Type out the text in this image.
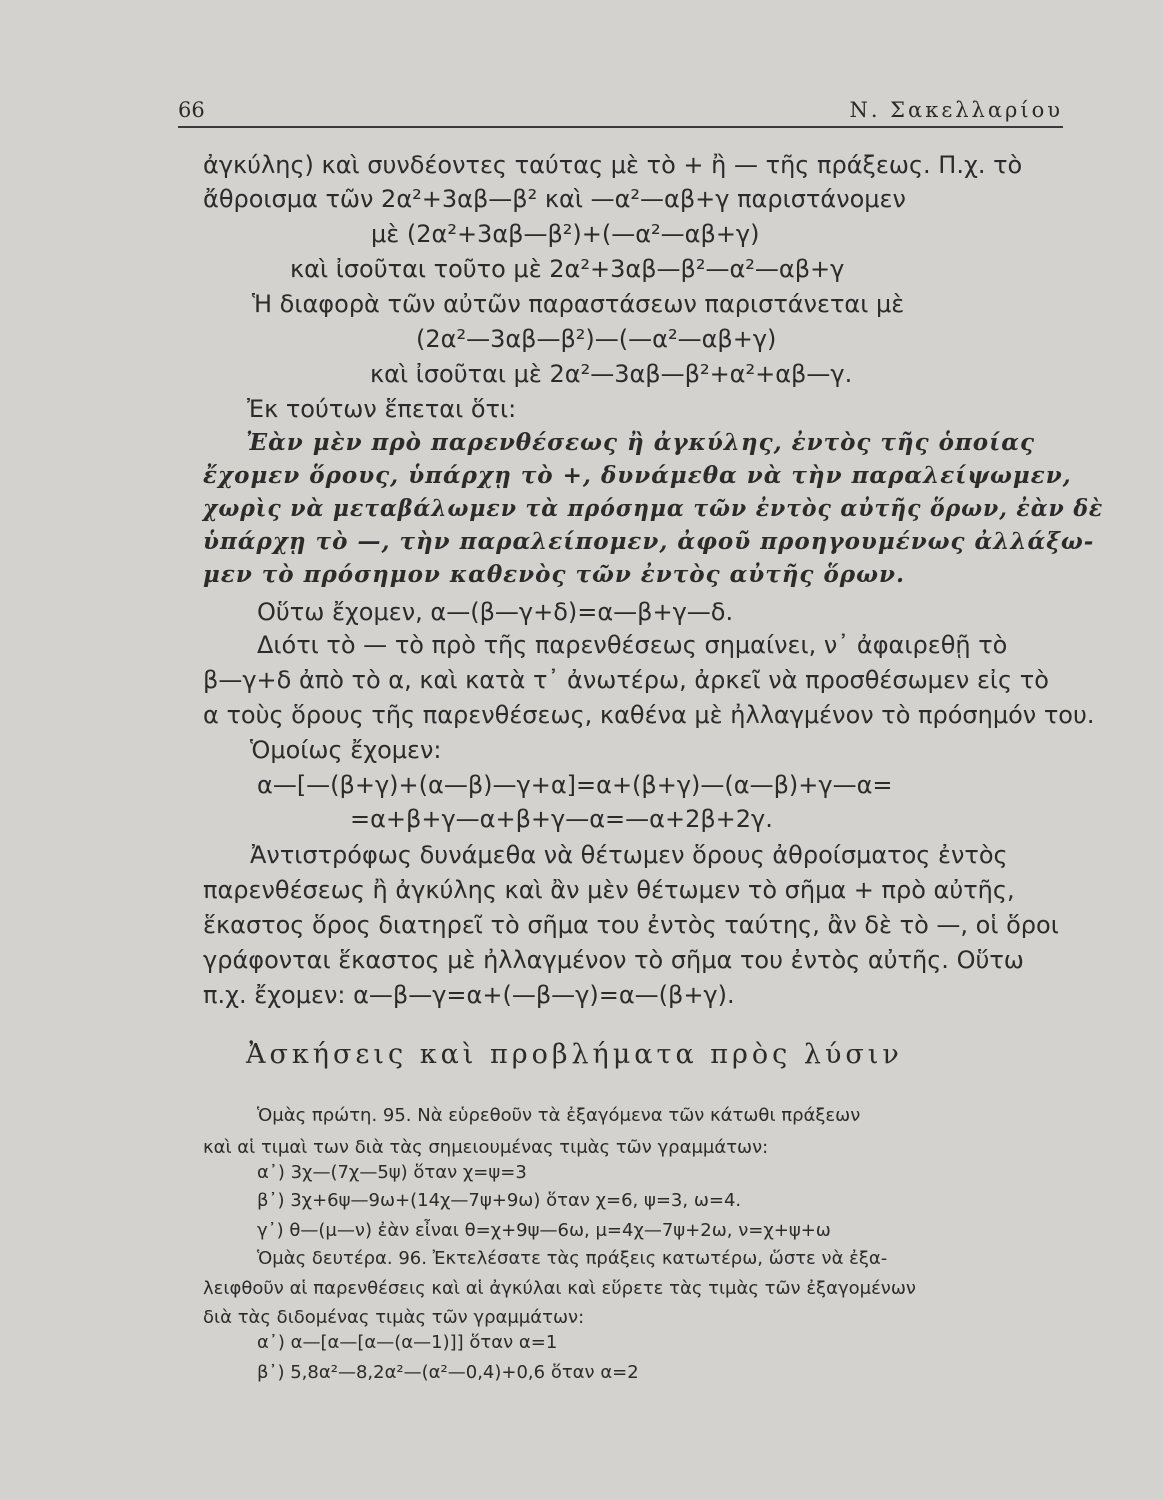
66	Ν. Σακελλαρίου
ἀγκύλης) καὶ συνδέοντες ταύτας μὲ τὸ + ἢ — τῆς πράξεως. Π.χ. τὸ
ἄθροισμα τῶν 2α²+3αβ—β² καὶ —α²—αβ+γ παριστάνομεν
μὲ (2α²+3αβ—β²)+(—α²—αβ+γ)
καὶ ἰσοῦται τοῦτο μὲ 2α²+3αβ—β²—α²—αβ+γ
Ἡ διαφορὰ τῶν αὐτῶν παραστάσεων παριστάνεται μὲ
(2α²—3αβ—β²)—(—α²—αβ+γ)
καὶ ἰσοῦται μὲ 2α²—3αβ—β²+α²+αβ—γ.
Ἐκ τούτων ἕπεται ὅτι:
Ἐὰν μὲν πρὸ παρενθέσεως ἢ ἀγκύλης, ἐντὸς τῆς ὁποίας
ἔχομεν ὅρους, ὑπάρχῃ τὸ +, δυνάμεθα νὰ τὴν παραλείψωμεν,
χωρὶς νὰ μεταβάλωμεν τὰ πρόσημα τῶν ἐντὸς αὐτῆς ὅρων, ἐὰν δὲ
ὑπάρχῃ τὸ —, τὴν παραλείπομεν, ἀφοῦ προηγουμένως ἀλλάξω-
μεν τὸ πρόσημον καθενὸς τῶν ἐντὸς αὐτῆς ὅρων.
Οὕτω ἔχομεν, α—(β—γ+δ)=α—β+γ—δ.
Διότι τὸ — τὸ πρὸ τῆς παρενθέσεως σημαίνει, ν᾽ ἀφαιρεθῇ τὸ
β—γ+δ ἀπὸ τὸ α, καὶ κατὰ τ᾽ ἀνωτέρω, ἀρκεῖ νὰ προσθέσωμεν εἰς τὸ
α τοὺς ὅρους τῆς παρενθέσεως, καθένα μὲ ἠλλαγμένον τὸ πρόσημόν του.
Ὁμοίως ἔχομεν:
α—[—(β+γ)+(α—β)—γ+α]=α+(β+γ)—(α—β)+γ—α=
=α+β+γ—α+β+γ—α=—α+2β+2γ.
Ἀντιστρόφως δυνάμεθα νὰ θέτωμεν ὅρους ἀθροίσματος ἐντὸς
παρενθέσεως ἢ ἀγκύλης καὶ ἂν μὲν θέτωμεν τὸ σῆμα + πρὸ αὐτῆς,
ἕκαστος ὅρος διατηρεῖ τὸ σῆμα του ἐντὸς ταύτης, ἂν δὲ τὸ —, οἱ ὅροι
γράφονται ἕκαστος μὲ ἠλλαγμένον τὸ σῆμα του ἐντὸς αὐτῆς. Οὕτω
π.χ. ἔχομεν: α—β—γ=α+(—β—γ)=α—(β+γ).
Ἀσκήσεις καὶ προβλήματα πρὸς λύσιν
Ὁμὰς πρώτη. 95. Νὰ εὑρεθοῦν τὰ ἐξαγόμενα τῶν κάτωθι πράξεων
καὶ αἱ τιμαὶ των διὰ τὰς σημειουμένας τιμὰς τῶν γραμμάτων:
α᾽) 3χ—(7χ—5ψ) ὅταν χ=ψ=3
β᾽) 3χ+6ψ—9ω+(14χ—7ψ+9ω) ὅταν χ=6, ψ=3, ω=4.
γ᾽) θ—(μ—ν) ἐὰν εἶναι θ=χ+9ψ—6ω, μ=4χ—7ψ+2ω, ν=χ+ψ+ω
Ὁμὰς δευτέρα. 96. Ἐκτελέσατε τὰς πράξεις κατωτέρω, ὥστε νὰ ἐξα-
λειφθοῦν αἱ παρενθέσεις καὶ αἱ ἀγκύλαι καὶ εὕρετε τὰς τιμὰς τῶν ἐξαγομένων
διὰ τὰς διδομένας τιμὰς τῶν γραμμάτων:
α᾽) α—[α—[α—(α—1)]] ὅταν α=1
β᾽) 5,8α²—8,2α²—(α²—0,4)+0,6 ὅταν α=2
